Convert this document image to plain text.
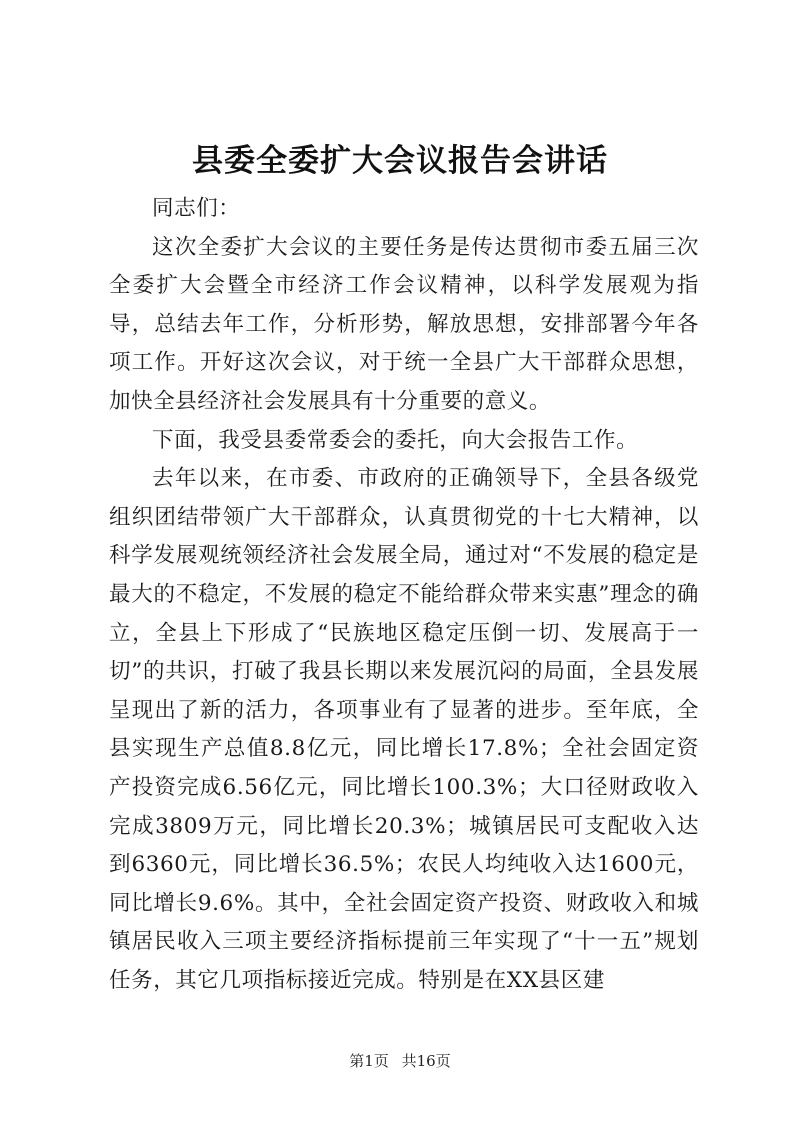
县委全委扩大会议报告会讲话

同志们：

这次全委扩大会议的主要任务是传达贯彻市委五届三次全委扩大会暨全市经济工作会议精神，以科学发展观为指导，总结去年工作，分析形势，解放思想，安排部署今年各项工作。开好这次会议，对于统一全县广大干部群众思想，加快全县经济社会发展具有十分重要的意义。

下面，我受县委常委会的委托，向大会报告工作。

去年以来，在市委、市政府的正确领导下，全县各级党组织团结带领广大干部群众，认真贯彻党的十七大精神，以科学发展观统领经济社会发展全局，通过对“不发展的稳定是最大的不稳定，不发展的稳定不能给群众带来实惠”理念的确立，全县上下形成了“民族地区稳定压倒一切、发展高于一切”的共识，打破了我县长期以来发展沉闷的局面，全县发展呈现出了新的活力，各项事业有了显著的进步。至年底，全县实现生产总值8.8亿元，同比增长17.8%；全社会固定资产投资完成6.56亿元，同比增长100.3%；大口径财政收入完成3809万元，同比增长20.3%；城镇居民可支配收入达到6360元，同比增长36.5%；农民人均纯收入达1600元，同比增长9.6%。其中，全社会固定资产投资、财政收入和城镇居民收入三项主要经济指标提前三年实现了“十一五”规划任务，其它几项指标接近完成。特别是在XX县区建

第1页 共16页
